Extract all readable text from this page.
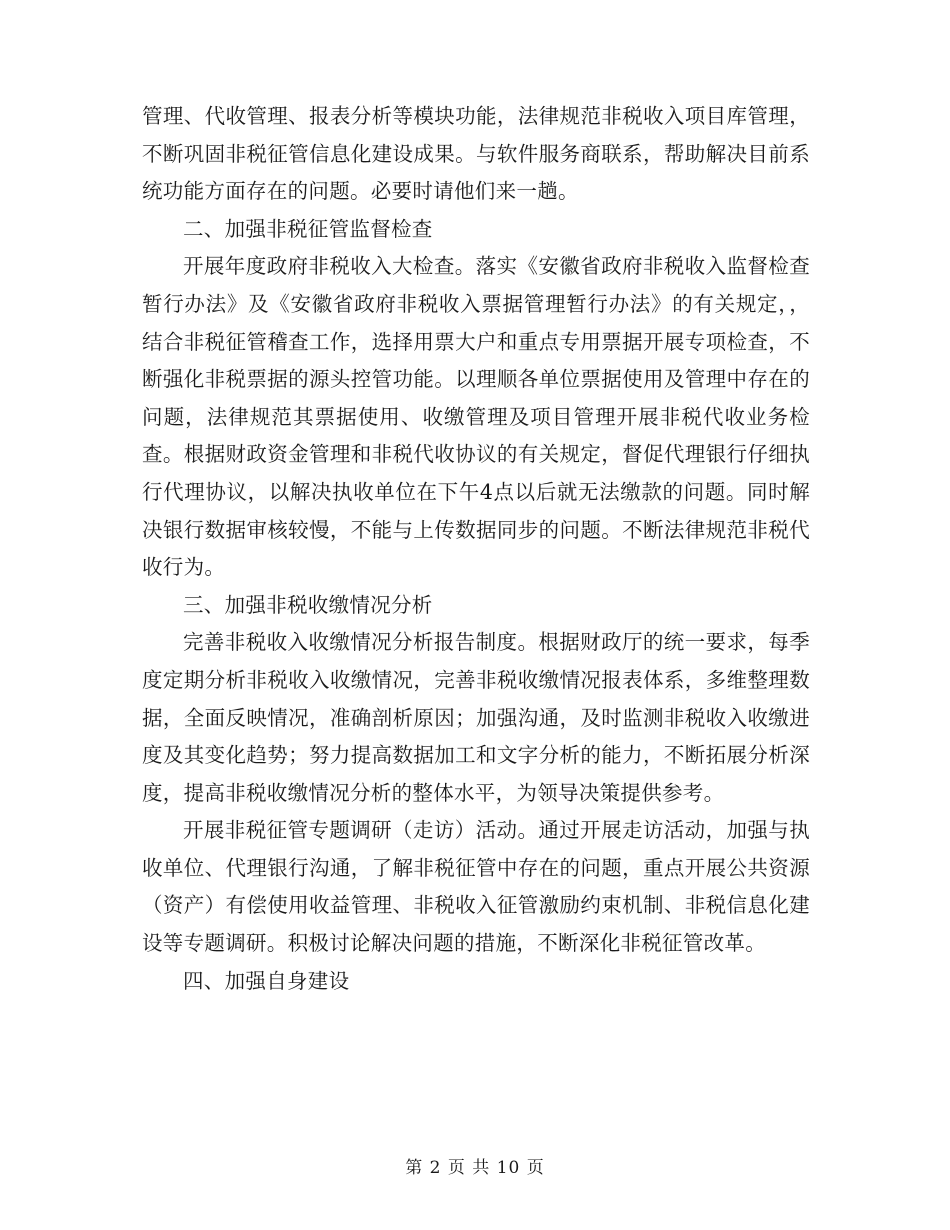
管理、代收管理、报表分析等模块功能，法律规范非税收入项目库管理，不断巩固非税征管信息化建设成果。与软件服务商联系，帮助解决目前系统功能方面存在的问题。必要时请他们来一趟。

二、加强非税征管监督检查

开展年度政府非税收入大检查。落实《安徽省政府非税收入监督检查暂行办法》及《安徽省政府非税收入票据管理暂行办法》的有关规定，，结合非税征管稽查工作，选择用票大户和重点专用票据开展专项检查，不断强化非税票据的源头控管功能。以理顺各单位票据使用及管理中存在的问题，法律规范其票据使用、收缴管理及项目管理开展非税代收业务检查。根据财政资金管理和非税代收协议的有关规定，督促代理银行仔细执行代理协议，以解决执收单位在下午4点以后就无法缴款的问题。同时解决银行数据审核较慢，不能与上传数据同步的问题。不断法律规范非税代收行为。

三、加强非税收缴情况分析

完善非税收入收缴情况分析报告制度。根据财政厅的统一要求，每季度定期分析非税收入收缴情况，完善非税收缴情况报表体系，多维整理数据，全面反映情况，准确剖析原因；加强沟通，及时监测非税收入收缴进度及其变化趋势；努力提高数据加工和文字分析的能力，不断拓展分析深度，提高非税收缴情况分析的整体水平，为领导决策提供参考。

开展非税征管专题调研（走访）活动。通过开展走访活动，加强与执收单位、代理银行沟通，了解非税征管中存在的问题，重点开展公共资源（资产）有偿使用收益管理、非税收入征管激励约束机制、非税信息化建设等专题调研。积极讨论解决问题的措施，不断深化非税征管改革。

四、加强自身建设

第 2 页 共 10 页
